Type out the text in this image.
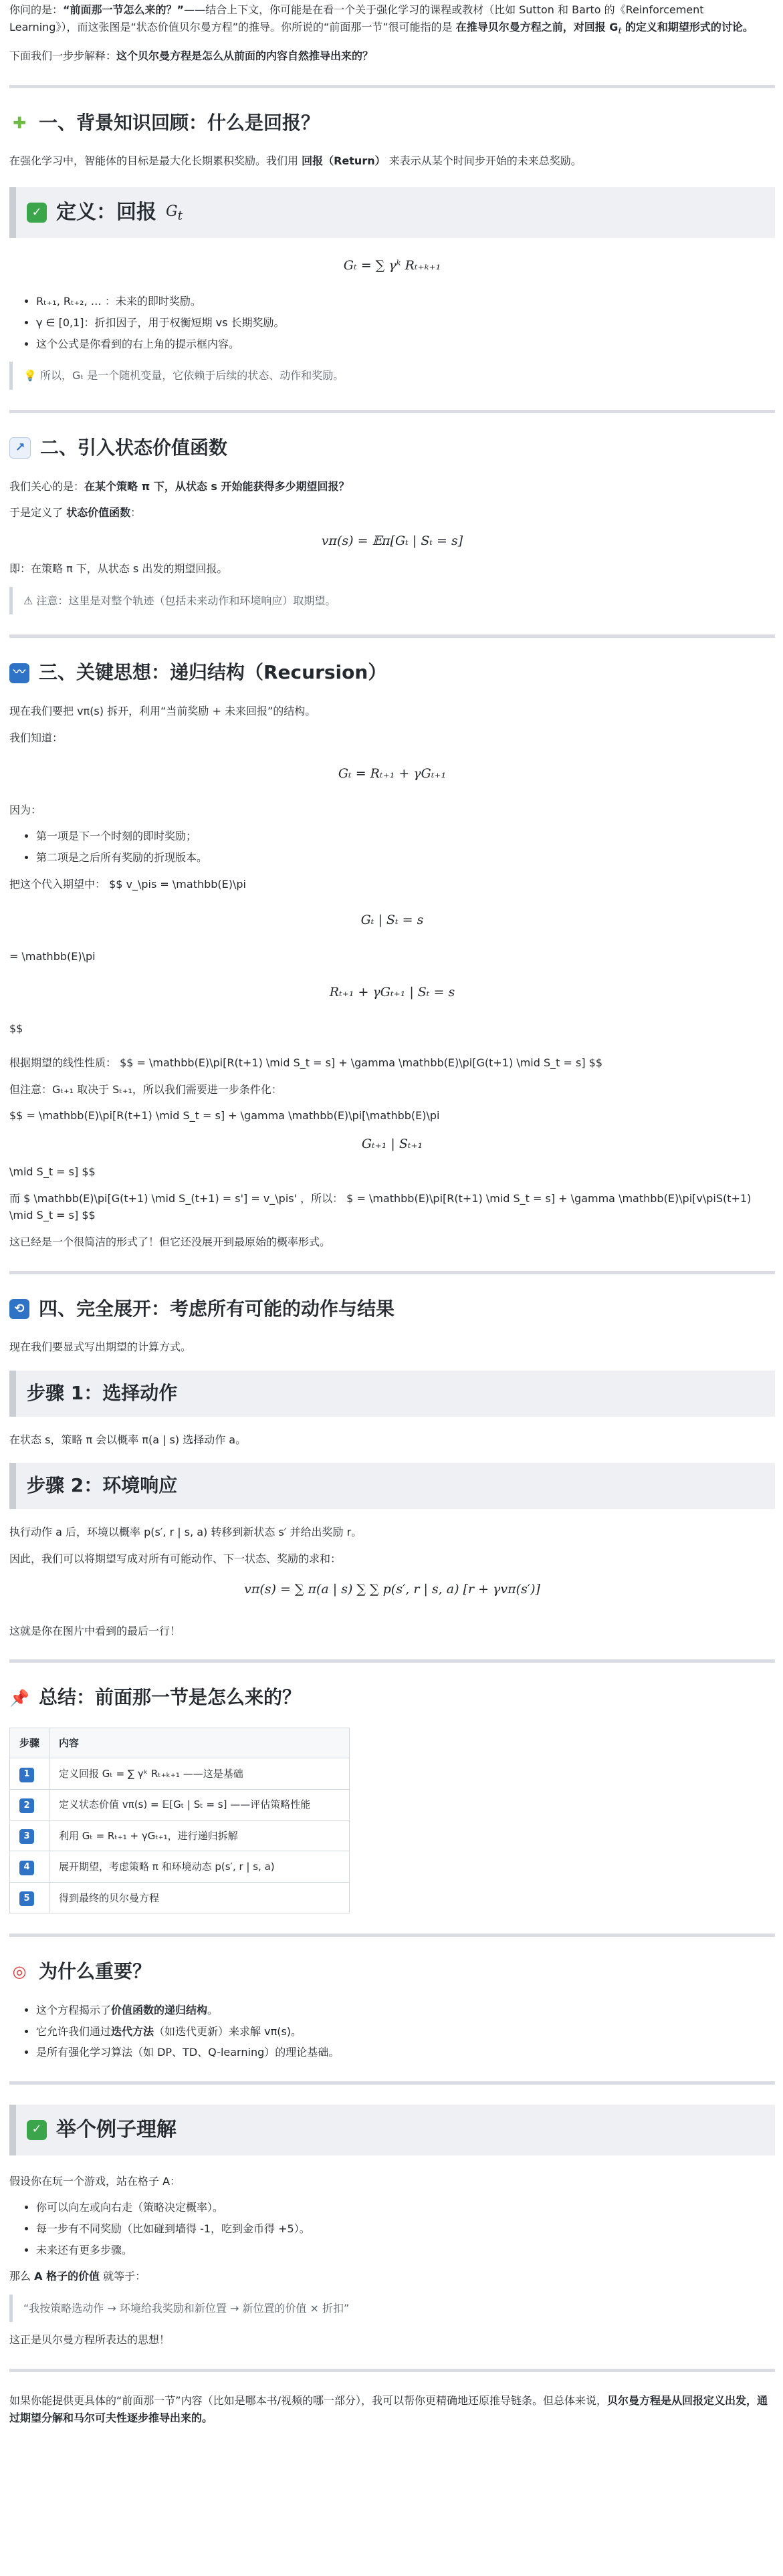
你问的是：“前面那一节怎么来的？”——结合上下文，你可能是在看一个关于强化学习的课程或教材（比如 Sutton 和 Barto 的《Reinforcement Learning》），而这张图是“状态价值贝尔曼方程”的推导。你所说的“前面那一节”很可能指的是 在推导贝尔曼方程之前，对回报 $G_t$ 的定义和期望形式的讨论。

下面我们一步步解释：这个贝尔曼方程是怎么从前面的内容自然推导出来的？

✚ 一、背景知识回顾：什么是回报？

在强化学习中，智能体的目标是最大化长期累积奖励。我们用 回报（Return） 来表示从某个时间步开始的未来总奖励。

✓ 定义：回报 $G_t$
Gₜ = ∑ γᵏ Rₜ₊ₖ₊₁
• Rₜ₊₁, Rₜ₊₂, … ：未来的即时奖励。
• γ ∈ [0,1]：折扣因子，用于权衡短期 vs 长期奖励。
• 这个公式是你看到的右上角的提示框内容。
💡 所以，Gₜ 是一个随机变量，它依赖于后续的状态、动作和奖励。
↗ 二、引入状态价值函数

我们关心的是：在某个策略 π 下，从状态 s 开始能获得多少期望回报？

于是定义了 状态价值函数：

vπ(s) = 𝔼π[Gₜ | Sₜ = s]

即：在策略 π 下，从状态 s 出发的期望回报。

⚠ 注意：这里是对整个轨迹（包括未来动作和环境响应）取期望。
〰 三、关键思想：递归结构（Recursion）

现在我们要把 vπ(s) 拆开，利用“当前奖励 + 未来回报”的结构。

我们知道：

Gₜ = Rₜ₊₁ + γGₜ₊₁

因为：

• 第一项是下一个时刻的即时奖励；
• 第二项是之后所有奖励的折现版本。

把这个代入期望中： $$ v_\pis = \mathbb(E)\pi

Gₜ | Sₜ = s

= \mathbb(E)\pi

Rₜ₊₁ + γGₜ₊₁ | Sₜ = s

$$

根据期望的线性性质： $$ = \mathbb(E)\pi[R(t+1) \mid S_t = s] + \gamma \mathbb(E)\pi[G(t+1) \mid S_t = s] $$

但注意：Gₜ₊₁ 取决于 Sₜ₊₁，所以我们需要进一步条件化：

$$ = \mathbb(E)\pi[R(t+1) \mid S_t = s] + \gamma \mathbb(E)\pi[\mathbb(E)\pi

Gₜ₊₁ | Sₜ₊₁

\mid S_t = s] $$

而 $ \mathbb(E)\pi[G(t+1) \mid S_(t+1) = s'] = v_\pis' ，所以： $ = \mathbb(E)\pi[R(t+1) \mid S_t = s] + \gamma \mathbb(E)\pi[v\piS(t+1) \mid S_t = s] $$

这已经是一个很简洁的形式了！但它还没展开到最原始的概率形式。

⟲ 四、完全展开：考虑所有可能的动作与结果

现在我们要显式写出期望的计算方式。

步骤 1：选择动作

在状态 s，策略 π 会以概率 π(a | s) 选择动作 a。

步骤 2：环境响应

执行动作 a 后，环境以概率 p(s′, r | s, a) 转移到新状态 s′ 并给出奖励 r。

因此，我们可以将期望写成对所有可能动作、下一状态、奖励的求和：

vπ(s) = ∑ π(a | s) ∑ ∑ p(s′, r | s, a) [r + γvπ(s′)]

这就是你在图片中看到的最后一行！

📌 总结：前面那一节是怎么来的？
步骤	内容
1	定义回报 Gₜ = ∑ γᵏ Rₜ₊ₖ₊₁ ——这是基础
2	定义状态价值 vπ(s) = 𝔼[Gₜ | Sₜ = s] ——评估策略性能
3	利用 Gₜ = Rₜ₊₁ + γGₜ₊₁，进行递归拆解
4	展开期望，考虑策略 π 和环境动态 p(s′, r | s, a)
5	得到最终的贝尔曼方程
◎ 为什么重要？
• 这个方程揭示了价值函数的递归结构。
• 它允许我们通过迭代方法（如迭代更新）来求解 vπ(s)。
• 是所有强化学习算法（如 DP、TD、Q-learning）的理论基础。
✓ 举个例子理解

假设你在玩一个游戏，站在格子 A：

• 你可以向左或向右走（策略决定概率）。
• 每一步有不同奖励（比如碰到墙得 -1，吃到金币得 +5）。
• 未来还有更多步骤。

那么 A 格子的价值 就等于：

“我按策略选动作 → 环境给我奖励和新位置 → 新位置的价值 × 折扣”

这正是贝尔曼方程所表达的思想！

如果你能提供更具体的“前面那一节”内容（比如是哪本书/视频的哪一部分），我可以帮你更精确地还原推导链条。但总体来说，贝尔曼方程是从回报定义出发，通过期望分解和马尔可夫性逐步推导出来的。
